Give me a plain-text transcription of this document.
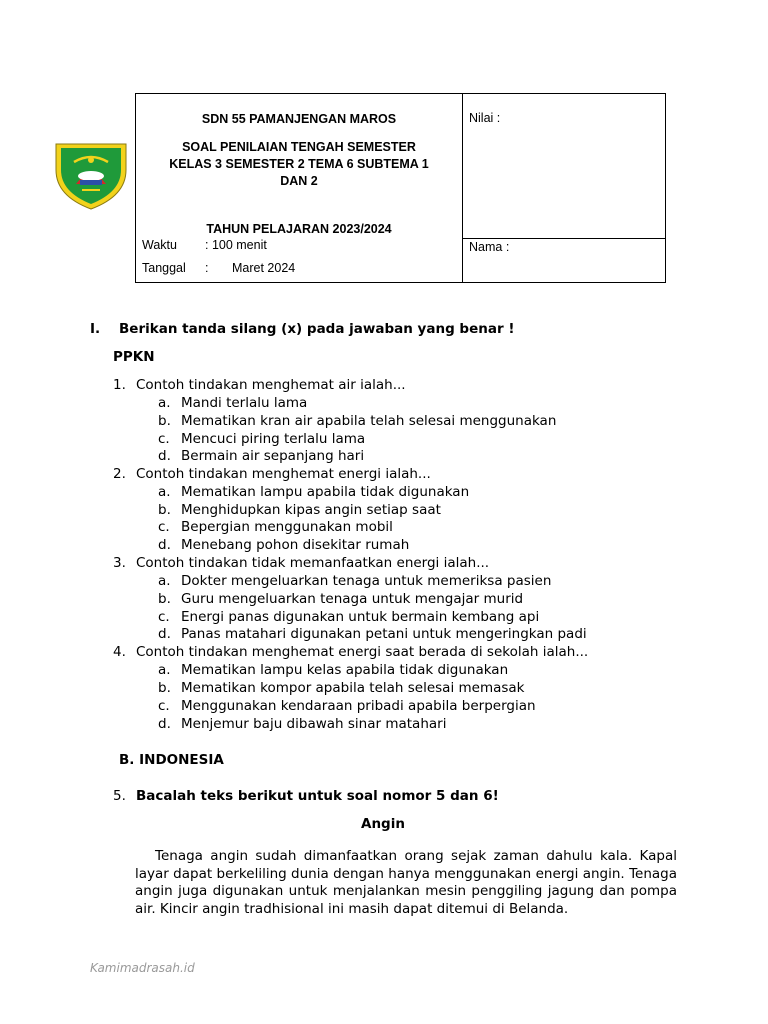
SDN 55 PAMANJENGAN MAROS
SOAL PENILAIAN TENGAH SEMESTER
KELAS 3 SEMESTER 2 TEMA 6 SUBTEMA 1
DAN 2
TAHUN PELAJARAN 2023/2024
Waktu : 100 menit
Tanggal : Maret 2024
Nilai :
Nama :
I. Berikan tanda silang (x) pada jawaban yang benar !
PPKN
1. Contoh tindakan menghemat air ialah...
a. Mandi terlalu lama
b. Mematikan kran air apabila telah selesai menggunakan
c. Mencuci piring terlalu lama
d. Bermain air sepanjang hari
2. Contoh tindakan menghemat energi ialah...
a. Mematikan lampu apabila tidak digunakan
b. Menghidupkan kipas angin setiap saat
c. Bepergian menggunakan mobil
d. Menebang pohon disekitar rumah
3. Contoh tindakan tidak memanfaatkan energi ialah...
a. Dokter mengeluarkan tenaga untuk memeriksa pasien
b. Guru mengeluarkan tenaga untuk mengajar murid
c. Energi panas digunakan untuk bermain kembang api
d. Panas matahari digunakan petani untuk mengeringkan padi
4. Contoh tindakan menghemat energi saat berada di sekolah ialah...
a. Mematikan lampu kelas apabila tidak digunakan
b. Mematikan kompor apabila telah selesai memasak
c. Menggunakan kendaraan pribadi apabila berpergian
d. Menjemur baju dibawah sinar matahari
B. INDONESIA
5. Bacalah teks berikut untuk soal nomor 5 dan 6!
Angin
Tenaga angin sudah dimanfaatkan orang sejak zaman dahulu kala. Kapal layar dapat berkeliling dunia dengan hanya menggunakan energi angin. Tenaga angin juga digunakan untuk menjalankan mesin penggiling jagung dan pompa air. Kincir angin tradhisional ini masih dapat ditemui di Belanda.
Kamimadrasah.id
